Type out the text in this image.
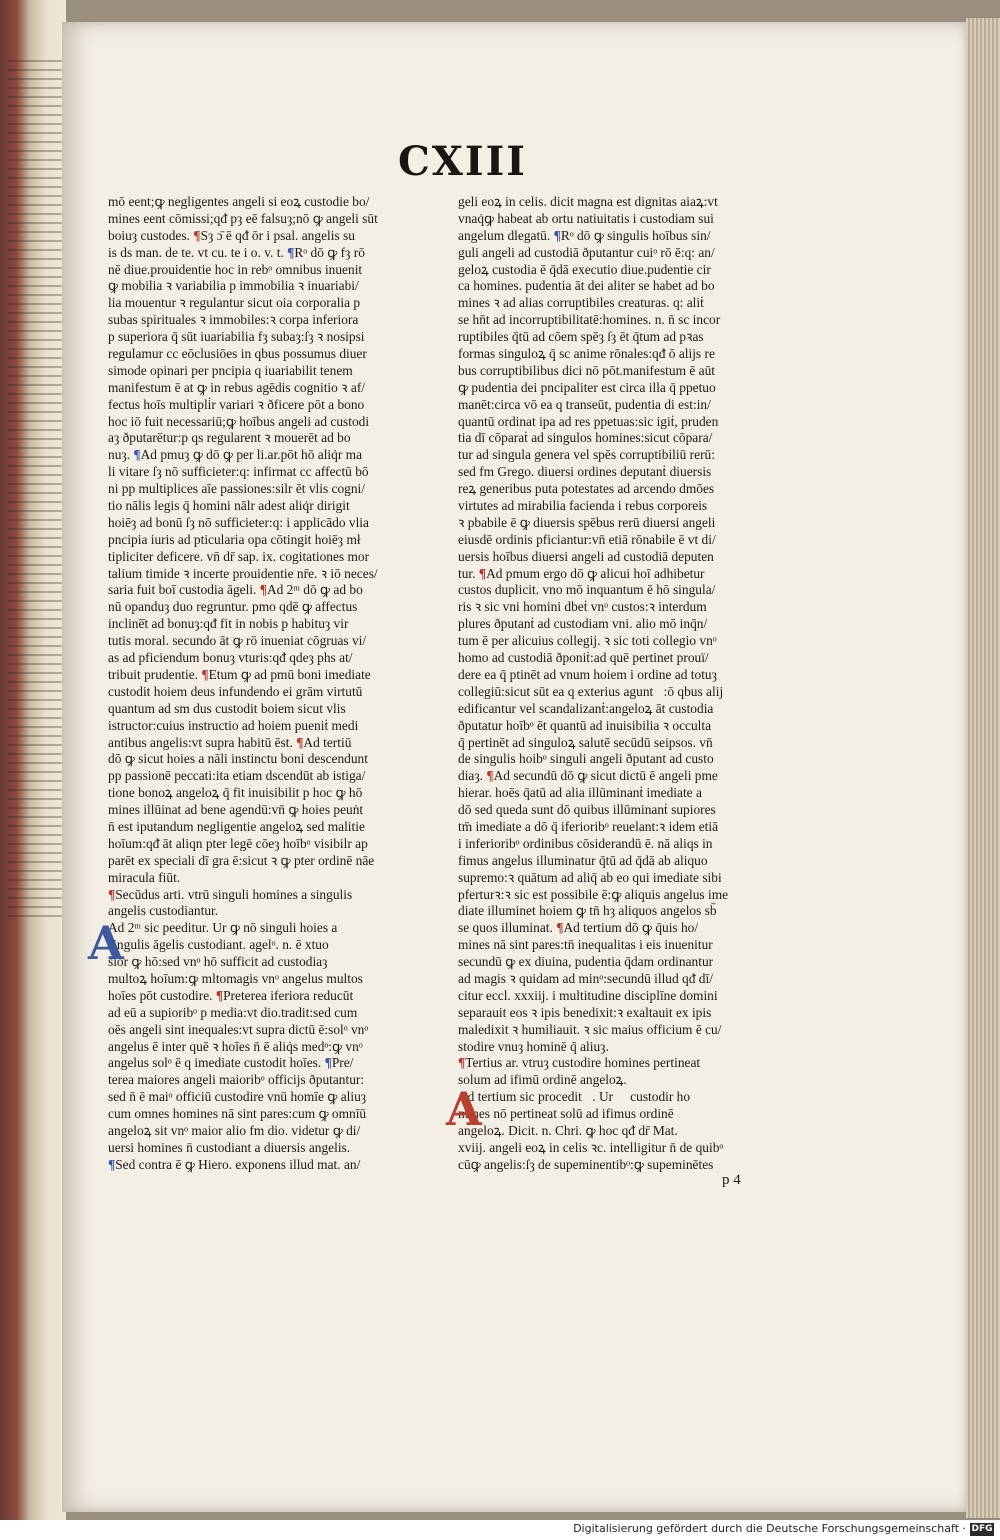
CXIII
mō eent;ꝙ negligentes angeli si eoꝝ custodie bo/
mines eent cōmissi;qᵭ pȝ eē falsuȝ;nō ꝙ angeli sūt
boiuȝ custodes. ¶Sȝ ɔ̄ ē qᵭ ōr i psal. angelis su
is ds man. de te. vt cu. te i o. v. t. ¶Rᵒ dō ꝙ fȝ rō
nē diue.prouidentie hoc in rebᵒ omnibus inuenit
ꝙ mobilia ꝛ variabilia p immobilia ꝛ inuariabi/
lia mouentur ꝛ regulantur sicut oia corporalia p
subas spirituales ꝛ immobiles:ꝛ corpa inferiora
p superiora q̄ sūt iuariabilia fȝ subaȝ:ſȝ ꝛ nosipsi
regulamur cc eōclusiōes in qbus possumus diuer
simode opinari per pncipia q iuariabilit tenem
manifestum ē at ꝙ in rebus agēdis cognitio ꝛ af/
fectus hoīs multipli̇r variari ꝛ ðficere pōt a bono
hoc iō fuit necessariū;ꝙ hoībus angeli ad custodi
aȝ ðputarētur:p qs regularent ꝛ mouerēt ad bo
nuȝ. ¶Ad pmuȝ ꝙ dō ꝙ per li.ar.pōt hō aliq̇r ma
li vitare ſȝ nō sufficieter:q: infirmat cc affectū bō
ni pp multiplices aīe passiones:silr ēt vlis cogni/
tio nālis legis q̄ homini nālr adest aliq̇r dirigit
hoiēȝ ad bonū ſȝ nō sufficieter:q: i applicādo vlia
pncipia iuris ad pticularia opa cōtingit hoiēȝ mł
tipliciter deficere. vn̄ dr̄ sap. ix. cogitationes mor
talium timide ꝛ incerte prouidentie nr̄e. ꝛ iō neces/
saria fuit boī custodia āgeli. ¶Ad 2ᵐ dō ꝙ ad bo
nū opanduȝ duo regruntur. pmo qdē ꝙ affectus
incline̅t ad bonuȝ:qᵭ fit in nobis p habituȝ vir
tutis moral. secundo āt ꝙ rō inueniat cōgruas vi/
as ad pficiendum bonuȝ vturis:qᵭ qdeȝ phs at/
tribuit prudentie. ¶Etum ꝙ ad pmū boni imediate
custodit hoiem deus infundendo ei grām virtutū
quantum ad sm dus custodit boiem sicut vlis
istructor:cuius instructio ad hoiem pueniṫ medi
antibus angelis:vt supra habitū ēst. ¶Ad tertiū
dō ꝙ sicut hoies a nāli instinctu boni descendunt
pp passionē peccati:ita etiam dscendūt ab istiga/
tione bonoꝝ angeloꝝ q̄ fit inuisibilit p hoc ꝙ hō
mines illūinat ad bene agendū:vn̄ ꝙ hoies peuṅt
n̄ est iputandum negligentie angeloꝝ sed malitie
hoīum:qᵭ āt aliqn pter legē cōeȝ hoībᵒ visibilr ap
parēt ex speciali dī gra ē:sicut ꝛ ꝙ pter ordinē nāe
miracula fiūt.
¶Secūdus arti. vtrū singuli homines a singulis
angelis custodiantur.
Ad 2ᵐ sic peeditur. Ur ꝙ nō singuli hoies a
singulis āgelis custodiant. agelᵒ. n. ē xtuo
sior ꝙ hō:sed vnᵒ hō sufficit ad custodiaȝ
multoꝝ hoīum:ꝙ mltomagis vnᵒ angelus multos
hoīes pōt custodire. ¶Preterea iferiora reducūt
ad eū a supioribᵒ p media:vt dio.tradit:sed cum
oēs angeli sint inequales:vt supra dictū ē:solᵒ vnᵒ
angelus ē inter quē ꝛ hoīes n̄ ē aliq̇s medᵒ:ꝙ vnᵒ
angelus solᵒ ē q imediate custodit hoīes. ¶Pre/
terea maiores angeli maioribᵒ officijs ðputantur:
sed n̄ ē maiᵒ officiū custodire vnū homīe ꝙ aliuȝ
cum omnes homines nā sint pares:cum ꝙ omnīū
angeloꝝ sit vnᵒ maior alio fm dio. videtur ꝙ di/
uersi homines n̄ custodiant a diuersis angelis.
¶Sed contra ē ꝙ Hiero. exponens illud mat. an/
geli eoꝝ in celis. dicit magna est dignitas aiaꝝ:vt
vnaq̇ꝙ habeat ab ortu natiuitatis i custodiam sui
angelum dlegatū. ¶Rᵒ dō ꝙ singulis hoībus sin/
guli angeli ad custodiā ðputantur cuiᵒ rō ē:q: an/
geloꝝ custodia ē q̄dā executio diue.pudentie cir
ca homines. pudentia āt dei aliter se habet ad bo
mines ꝛ ad alias corruptibiles creaturas. q: aliṫ
se hn̄t ad incorruptibilitatē:homines. n. n̄ sc incor
ruptibiles q̄tū ad cōem spēȝ ſȝ ēt q̄tum ad pꝛas
formas singuloꝝ q̄ sc anime rōnales:qᵭ ō alijs re
bus corruptibilibus dici nō pōt.manifestum ē aūt
ꝙ pudentia dei pncipaliter est circa illa q̄ ppetuo
manēt:circa vō ea q transeūt, pudentia di est:in/
quantū ordinat ipa ad res ppetuas:sic igiṫ, pruden
tia dī cōparaṫ ad singulos homines:sicut cōpara/
tur ad singula genera vel spēs corruptibiliū rerū:
sed fm Grego. diuersi ordines deputanṫ diuersis
reꝝ generibus puta potestates ad arcendo dmōes
virtutes ad mirabilia facienda i rebus corporeis
ꝛ pbabile ē ꝙ diuersis spēbus rerū diuersi angeli
eiusdē ordinis pficiantur:vn̄ etiā rōnabile ē vt di/
uersis hoībus diuersi angeli ad custodiā deputen
tur. ¶Ad pmum ergo dō ꝙ alicui hoī adhibetur
custos duplicit. vno mō inquantum ē hō singula/
ris ꝛ sic vni homini dbeṫ vnᵒ custos:ꝛ interdum
plures ðputanṫ ad custodiam vni. alio mō inq̄n/
tum ē per alicuius collegij. ꝛ sic toti collegio vnᵒ
homo ad custodiā ðponiṫ:ad quē pertinet prouï/
dere ea q̄ ptinēt ad vnum hoiem i ordine ad totuȝ
collegiū:sicut sūt ea q exterius aguntᷣ:ō qbus alij
edificantur vel scandalizanṫ:angeloꝝ āt custodia
ðputatur hoībᵒ ēt quantū ad inuisibilia ꝛ occulta
q̄ pertinēt ad singuloꝝ salutē secūdū seipsos. vn̄
de singulis hoibᵒ singuli angeli ðputant ad custo
diaȝ. ¶Ad secundū dō ꝙ sicut dictū ē angeli pme
hierar. hoēs q̄atū ad alia illūminanṫ imediate a
dō sed queda sunt dō quibus illūminanṫ supiores
tm̄ imediate a dō q̄ iferioribᵒ reuelant:ꝛ idem etiā
i inferioribᵒ ordinibus cōsiderandū ē. nā aliqs in
fimus angelus illuminatur q̄tū ad q̄dā ab aliquo
supremo:ꝛ quātum ad aliq̄ ab eo qui imediate sibi
pferturꝛ:ꝛ sic est possibile ē:ꝙ aliquis angelus ime
diate illuminet hoiem ꝙ tn̄ hȝ aliquos angelos sb̄
se quos illuminat. ¶Ad tertium dō ꝙ q̄uis ho/
mines nā sint pares:tn̄ inequalitas i eis inuenitur
secundū ꝙ ex diuina, pudentia q̄dam ordinantur
ad magis ꝛ quidam ad minᵒ:secundū illud qᵭ dī/
citur eccl. xxxiij. i multitudine disciplīne domini
separauit eos ꝛ ipis benedixit:ꝛ exaltauit ex ipis
maledixit ꝛ humiliauit. ꝛ sic maius officium ē cu/
stodire vnuȝ hominē q̄ aliuȝ.
¶Tertius ar. vtruȝ custodire homines pertineat
solum ad ifimū ordinē angeloꝝ.
Ad tertium sic proceditᷣ. Ur ꝙ custodir ho
mines nō pertineat solū ad ifimus ordinē
angeloꝝ. Dicit. n. Chri. ꝙ hoc qᵭ dr̄ Mat.
xviij. angeli eoꝝ in celis ꝛc. intelligitur n̄ de quibᵒ
cūꝙ angelis:ſȝ de supeminentibᵒ:ꝙ supeminētes
A
A
p 4
Digitalisierung gefördert durch die Deutsche Forschungsgemeinschaft · DFG
